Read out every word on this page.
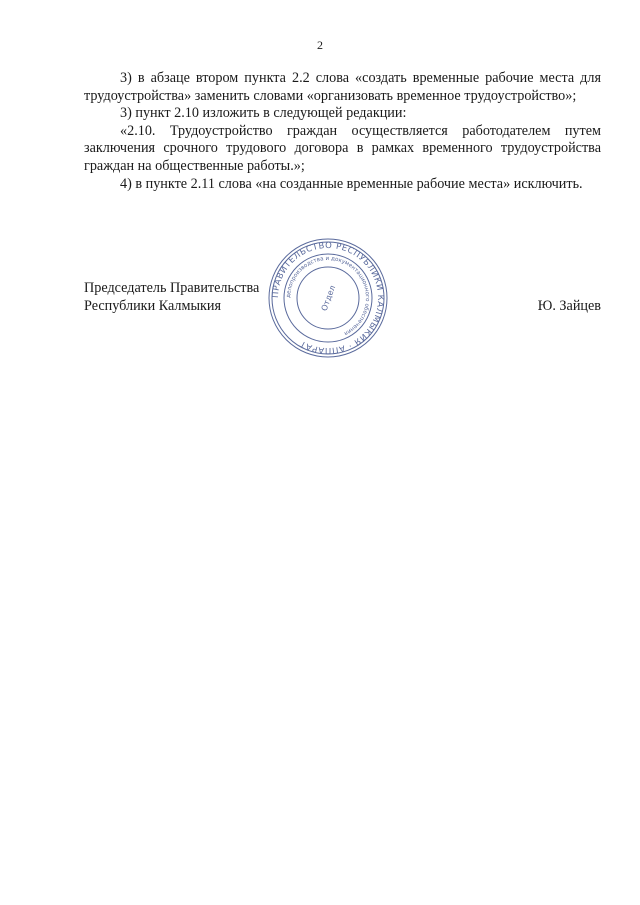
2

3) в абзаце втором пункта 2.2 слова «создать временные рабочие места для трудоустройства» заменить словами «организовать временное трудоустройство»;

3) пункт 2.10 изложить в следующей редакции:

«2.10. Трудоустройство граждан осуществляется работодателем путем заключения срочного трудового договора в рамках временного трудоустройства граждан на общественные работы.»;

4) в пункте 2.11 слова «на созданные временные рабочие места» исключить.

Председатель Правительства
Республики Калмыкия	Ю. Зайцев
ПРАВИТЕЛЬСТВО РЕСПУБЛИКИ КАЛМЫКИЯ · АППАРАТ
делопроизводства и документационного обеспечения
Отдел
